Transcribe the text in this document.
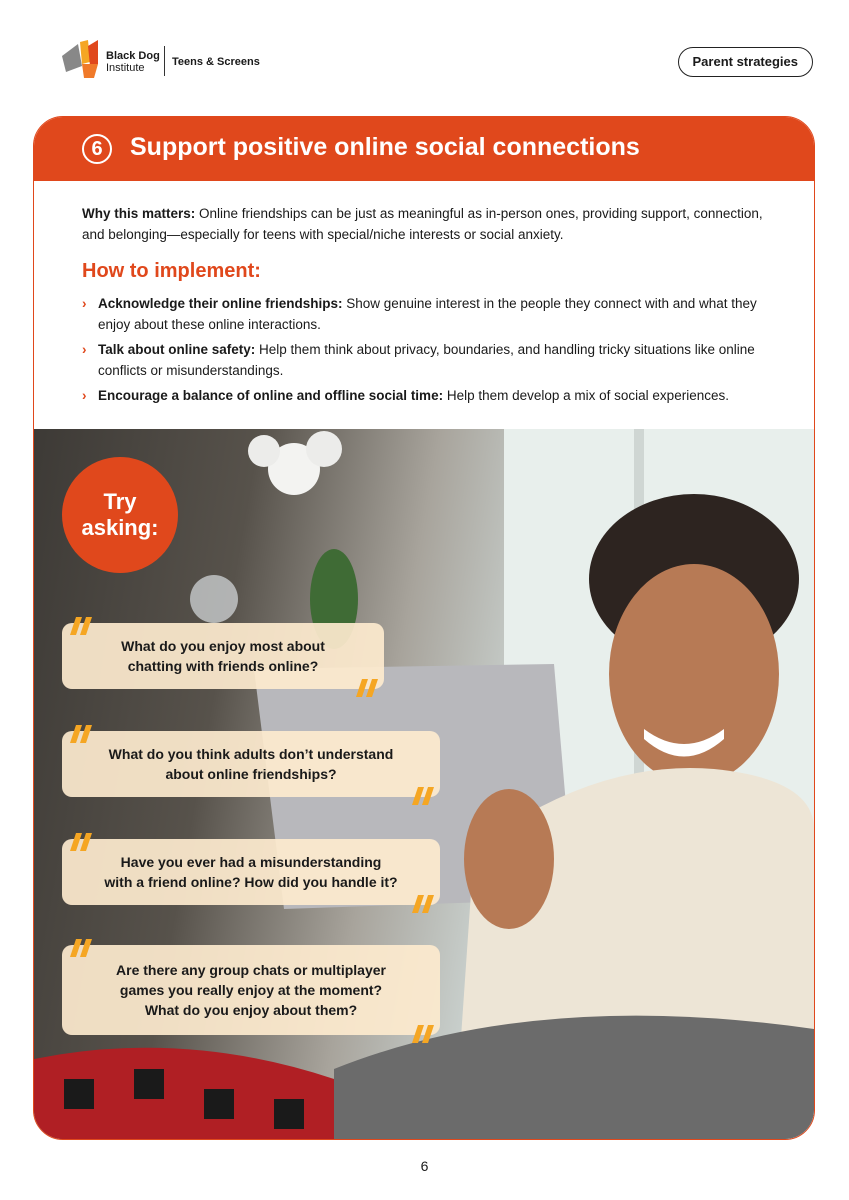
Black Dog
Institute	Teens & Screens	Parent strategies
6	Support positive online social connections
Why this matters: Online friendships can be just as meaningful as in-person ones, providing support, connection, and belonging—especially for teens with special/niche interests or social anxiety.
How to implement:
› Acknowledge their online friendships: Show genuine interest in the people they connect with and what they enjoy about these online interactions.
› Talk about online safety: Help them think about privacy, boundaries, and handling tricky situations like online conflicts or misunderstandings.
› Encourage a balance of online and offline social time: Help them develop a mix of social experiences.
Try
asking:
What do you enjoy most about
chatting with friends online?
What do you think adults don’t understand
about online friendships?
Have you ever had a misunderstanding
with a friend online? How did you handle it?
Are there any group chats or multiplayer
games you really enjoy at the moment?
What do you enjoy about them?
6
